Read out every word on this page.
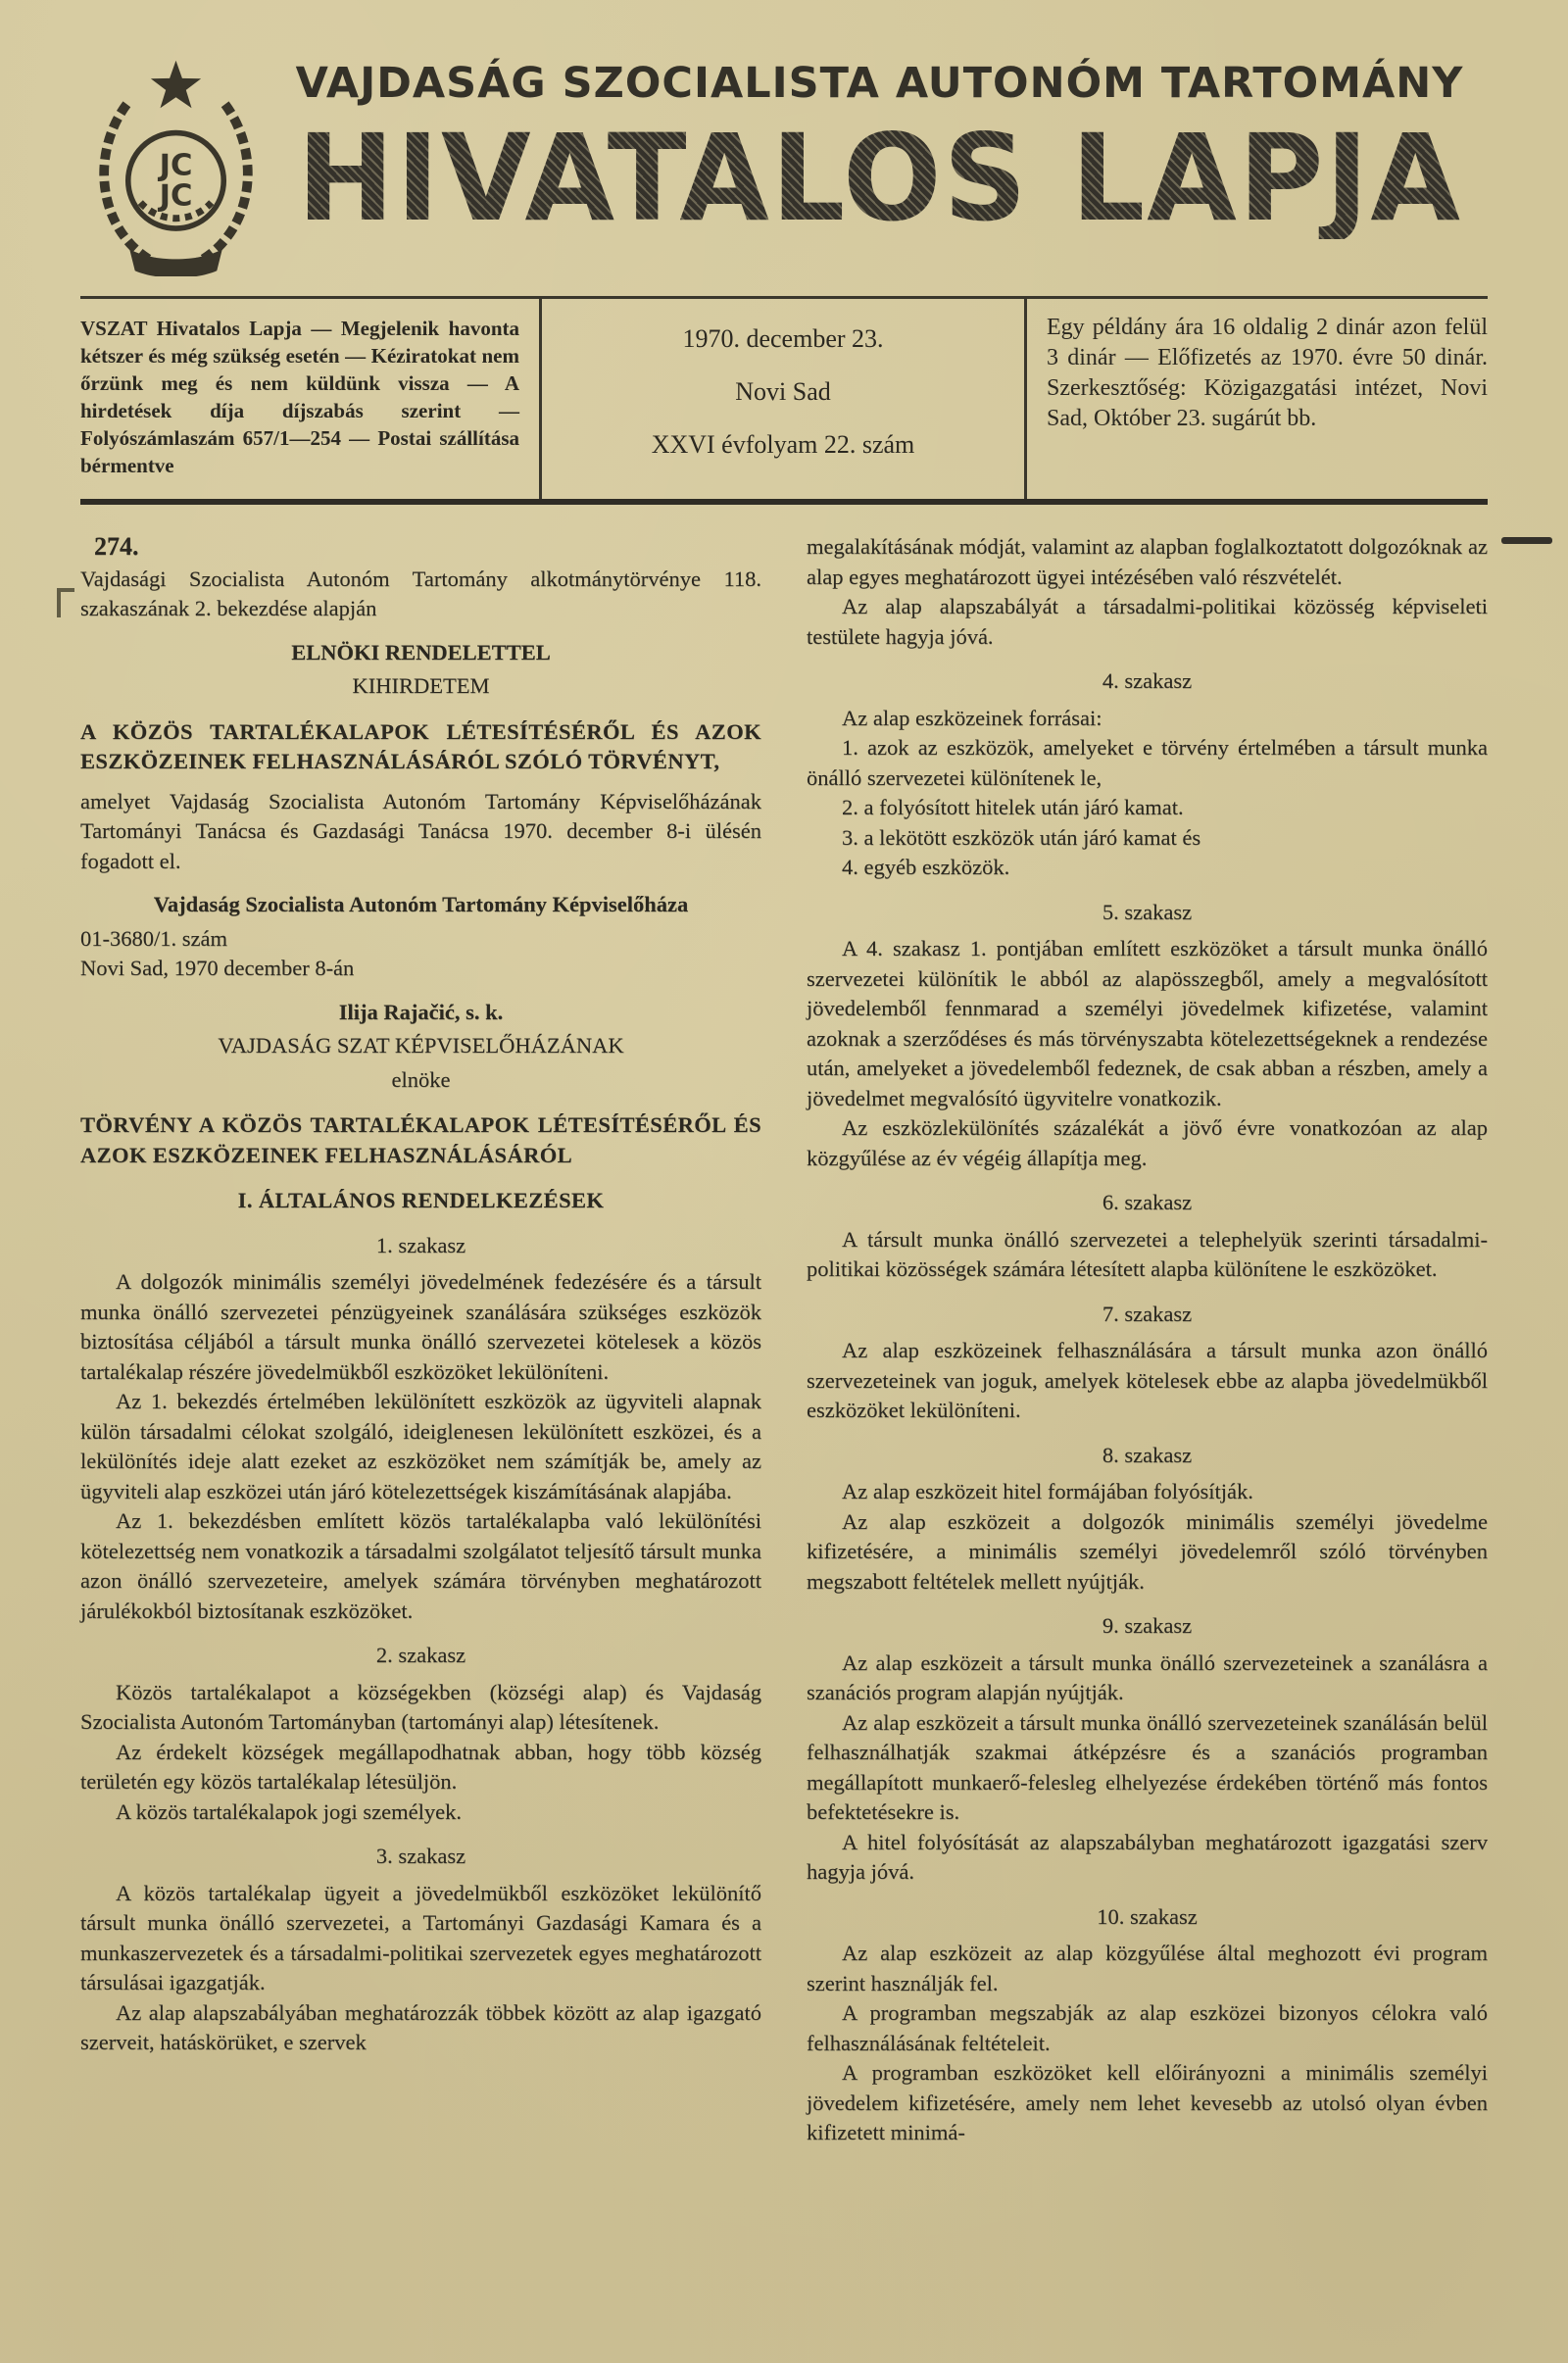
ЈС
ЈС
VAJDASÁG SZOCIALISTA AUTONÓM TARTOMÁNY
HIVATALOS LAPJA
VSZAT Hivatalos Lapja — Megjelenik havonta kétszer és még szükség esetén — Kéziratokat nem őrzünk meg és nem küldünk vissza — A hirdetések díja díjszabás szerint — Folyószámlaszám 657/1—254 — Postai szállítása bérmentve
1970. december 23.
Novi Sad
XXVI évfolyam 22. szám
Egy példány ára 16 oldalig 2 dinár azon felül 3 dinár — Előfizetés az 1970. évre 50 dinár. Szerkesztőség: Közigazgatási intézet, Novi Sad, Október 23. sugárút bb.

274.

Vajdasági Szocialista Autonóm Tartomány alkotmánytörvénye 118. szakaszának 2. bekezdése alapján

ELNÖKI RENDELETTEL

KIHIRDETEM

A KÖZÖS TARTALÉKALAPOK LÉTESÍTÉSÉRŐL ÉS AZOK ESZKÖZEINEK FELHASZNÁLÁSÁRÓL SZÓLÓ TÖRVÉNYT,

amelyet Vajdaság Szocialista Autonóm Tartomány Képviselőházának Tartományi Tanácsa és Gazdasági Tanácsa 1970. december 8-i ülésén fogadott el.

Vajdaság Szocialista Autonóm Tartomány Képviselőháza

01-3680/1. szám

Novi Sad, 1970 december 8-án

Ilija Rajačić, s. k.

VAJDASÁG SZAT KÉPVISELŐHÁZÁNAK

elnöke

TÖRVÉNY A KÖZÖS TARTALÉKALAPOK LÉTESÍTÉSÉRŐL ÉS AZOK ESZKÖZEINEK FELHASZNÁLÁSÁRÓL

I. ÁLTALÁNOS RENDELKEZÉSEK

1. szakasz

A dolgozók minimális személyi jövedelmének fedezésére és a társult munka önálló szervezetei pénzügyeinek szanálására szükséges eszközök biztosítása céljából a társult munka önálló szervezetei kötelesek a közös tartalékalap részére jövedelmükből eszközöket lekülöníteni.

Az 1. bekezdés értelmében lekülönített eszközök az ügyviteli alapnak külön társadalmi célokat szolgáló, ideiglenesen lekülönített eszközei, és a lekülönítés ideje alatt ezeket az eszközöket nem számítják be, amely az ügyviteli alap eszközei után járó kötelezettségek kiszámításának alapjába.

Az 1. bekezdésben említett közös tartalékalapba való lekülönítési kötelezettség nem vonatkozik a társadalmi szolgálatot teljesítő társult munka azon önálló szervezeteire, amelyek számára törvényben meghatározott járulékokból biztosítanak eszközöket.

2. szakasz

Közös tartalékalapot a községekben (községi alap) és Vajdaság Szocialista Autonóm Tartományban (tartományi alap) létesítenek.

Az érdekelt községek megállapodhatnak abban, hogy több község területén egy közös tartalékalap létesüljön.

A közös tartalékalapok jogi személyek.

3. szakasz

A közös tartalékalap ügyeit a jövedelmükből eszközöket lekülönítő társult munka önálló szervezetei, a Tartományi Gazdasági Kamara és a munkaszervezetek és a társadalmi-politikai szervezetek egyes meghatározott társulásai igazgatják.

Az alap alapszabályában meghatározzák többek között az alap igazgató szerveit, hatáskörüket, e szervek

megalakításának módját, valamint az alapban foglalkoztatott dolgozóknak az alap egyes meghatározott ügyei intézésében való részvételét.

Az alap alapszabályát a társadalmi-politikai közösség képviseleti testülete hagyja jóvá.

4. szakasz

Az alap eszközeinek forrásai:

1. azok az eszközök, amelyeket e törvény értelmében a társult munka önálló szervezetei különítenek le,

2. a folyósított hitelek után járó kamat.

3. a lekötött eszközök után járó kamat és

4. egyéb eszközök.

5. szakasz

A 4. szakasz 1. pontjában említett eszközöket a társult munka önálló szervezetei különítik le abból az alapösszegből, amely a megvalósított jövedelemből fennmarad a személyi jövedelmek kifizetése, valamint azoknak a szerződéses és más törvényszabta kötelezettségeknek a rendezése után, amelyeket a jövedelemből fedeznek, de csak abban a részben, amely a jövedelmet megvalósító ügyvitelre vonatkozik.

Az eszközlekülönítés százalékát a jövő évre vonatkozóan az alap közgyűlése az év végéig állapítja meg.

6. szakasz

A társult munka önálló szervezetei a telephelyük szerinti társadalmi-politikai közösségek számára létesített alapba különítene le eszközöket.

7. szakasz

Az alap eszközeinek felhasználására a társult munka azon önálló szervezeteinek van joguk, amelyek kötelesek ebbe az alapba jövedelmükből eszközöket lekülöníteni.

8. szakasz

Az alap eszközeit hitel formájában folyósítják.

Az alap eszközeit a dolgozók minimális személyi jövedelme kifizetésére, a minimális személyi jövedelemről szóló törvényben megszabott feltételek mellett nyújtják.

9. szakasz

Az alap eszközeit a társult munka önálló szervezeteinek a szanálásra a szanációs program alapján nyújtják.

Az alap eszközeit a társult munka önálló szervezeteinek szanálásán belül felhasználhatják szakmai átképzésre és a szanációs programban megállapított munkaerő-felesleg elhelyezése érdekében történő más fontos befektetésekre is.

A hitel folyósítását az alapszabályban meghatározott igazgatási szerv hagyja jóvá.

10. szakasz

Az alap eszközeit az alap közgyűlése által meghozott évi program szerint használják fel.

A programban megszabják az alap eszközei bizonyos célokra való felhasználásának feltételeit.

A programban eszközöket kell előirányozni a minimális személyi jövedelem kifizetésére, amely nem lehet kevesebb az utolsó olyan évben kifizetett minimá-
